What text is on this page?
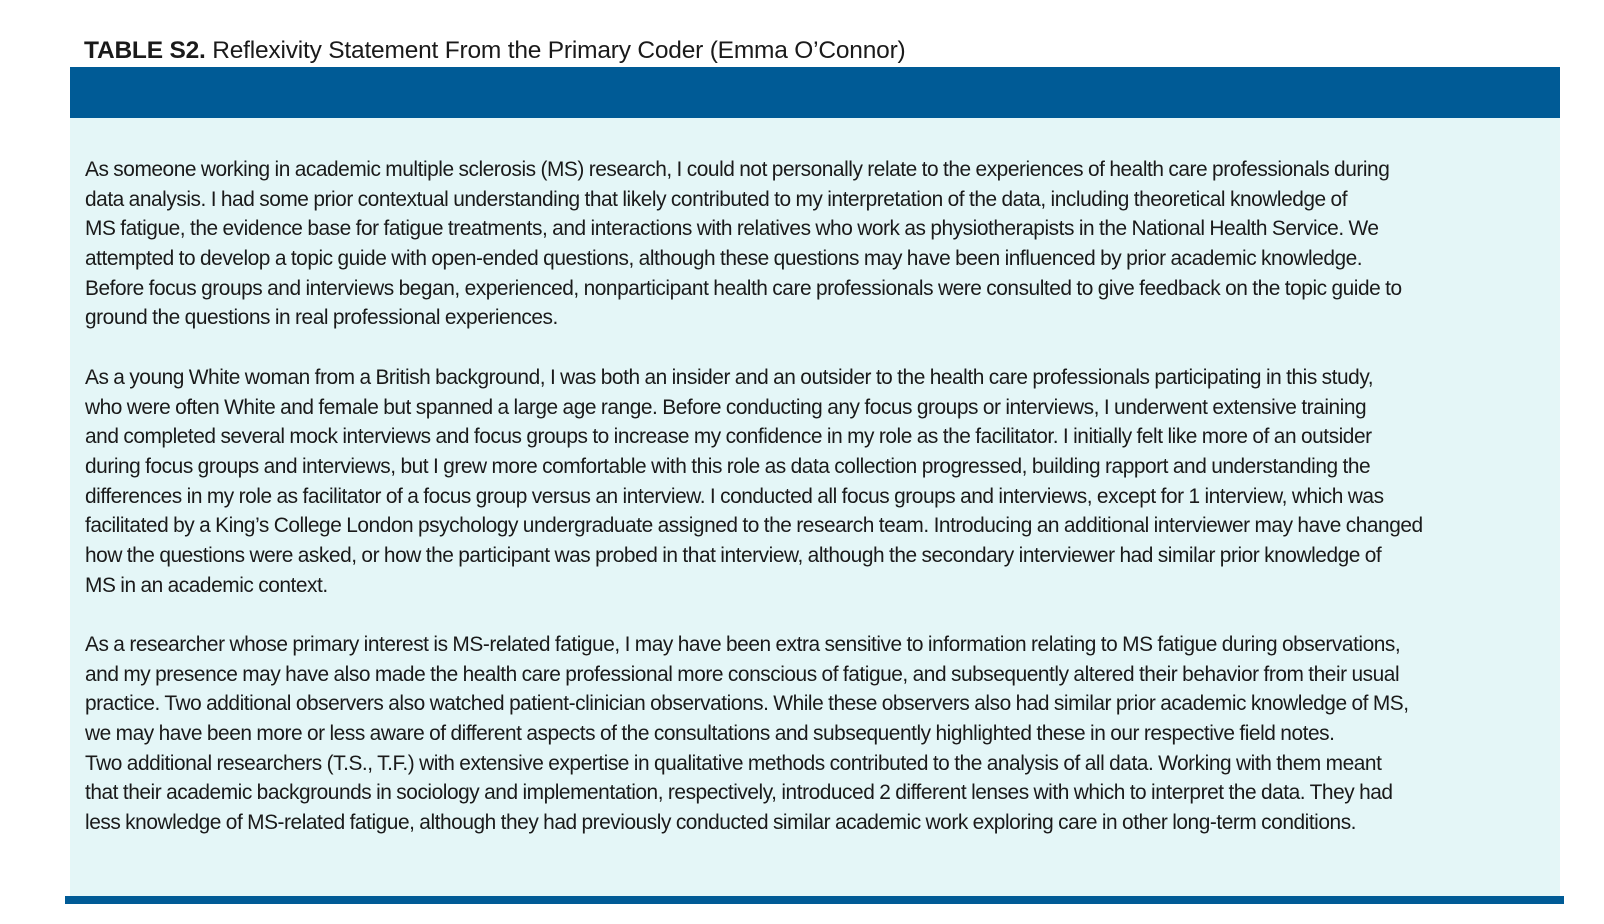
TABLE S2. Reflexivity Statement From the Primary Coder (Emma O’Connor)
As someone working in academic multiple sclerosis (MS) research, I could not personally relate to the experiences of health care professionals during
data analysis. I had some prior contextual understanding that likely contributed to my interpretation of the data, including theoretical knowledge of
MS fatigue, the evidence base for fatigue treatments, and interactions with relatives who work as physiotherapists in the National Health Service. We
attempted to develop a topic guide with open-ended questions, although these questions may have been influenced by prior academic knowledge.
Before focus groups and interviews began, experienced, nonparticipant health care professionals were consulted to give feedback on the topic guide to
ground the questions in real professional experiences.
As a young White woman from a British background, I was both an insider and an outsider to the health care professionals participating in this study,
who were often White and female but spanned a large age range. Before conducting any focus groups or interviews, I underwent extensive training
and completed several mock interviews and focus groups to increase my confidence in my role as the facilitator. I initially felt like more of an outsider
during focus groups and interviews, but I grew more comfortable with this role as data collection progressed, building rapport and understanding the
differences in my role as facilitator of a focus group versus an interview. I conducted all focus groups and interviews, except for 1 interview, which was
facilitated by a King’s College London psychology undergraduate assigned to the research team. Introducing an additional interviewer may have changed
how the questions were asked, or how the participant was probed in that interview, although the secondary interviewer had similar prior knowledge of
MS in an academic context.
As a researcher whose primary interest is MS-related fatigue, I may have been extra sensitive to information relating to MS fatigue during observations,
and my presence may have also made the health care professional more conscious of fatigue, and subsequently altered their behavior from their usual
practice. Two additional observers also watched patient-clinician observations. While these observers also had similar prior academic knowledge of MS,
we may have been more or less aware of different aspects of the consultations and subsequently highlighted these in our respective field notes.
Two additional researchers (T.S., T.F.) with extensive expertise in qualitative methods contributed to the analysis of all data. Working with them meant
that their academic backgrounds in sociology and implementation, respectively, introduced 2 different lenses with which to interpret the data. They had
less knowledge of MS-related fatigue, although they had previously conducted similar academic work exploring care in other long-term conditions.
